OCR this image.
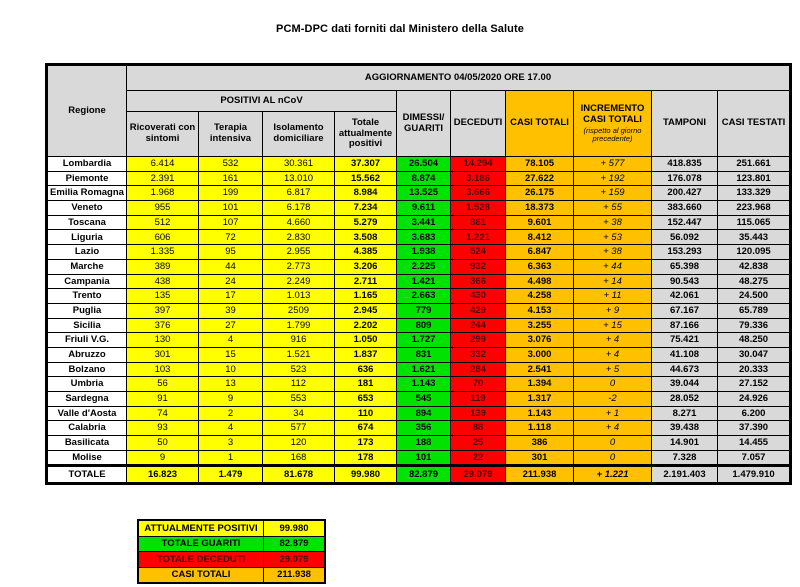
PCM-DPC dati forniti dal Ministero della Salute
Regione	AGGIORNAMENTO 04/05/2020 ORE 17.00									
	POSITIVI AL nCoV				DIMESSI/ GUARITI	DECEDUTI	CASI TOTALI	INCREMENTO CASI TOTALI
(rispetto al giorno precedente)	TAMPONI	CASI TESTATI
	Ricoverati con sintomi	Terapia intensiva	Isolamento domiciliare	Totale attualmente positivi						
Lombardia	6.414	532	30.361	37.307	26.504	14.294	78.105	+ 577	418.835	251.661
Piemonte	2.391	161	13.010	15.562	8.874	3.186	27.622	+ 192	176.078	123.801
Emilia Romagna	1.968	199	6.817	8.984	13.525	3.666	26.175	+ 159	200.427	133.329
Veneto	955	101	6.178	7.234	9.611	1.528	18.373	+ 55	383.660	223.968
Toscana	512	107	4.660	5.279	3.441	881	9.601	+ 38	152.447	115.065
Liguria	606	72	2.830	3.508	3.683	1.221	8.412	+ 53	56.092	35.443
Lazio	1.335	95	2.955	4.385	1.938	524	6.847	+ 38	153.293	120.095
Marche	389	44	2.773	3.206	2.225	932	6.363	+ 44	65.398	42.838
Campania	438	24	2.249	2.711	1.421	366	4.498	+ 14	90.543	48.275
Trento	135	17	1.013	1.165	2.663	430	4.258	+ 11	42.061	24.500
Puglia	397	39	2509	2.945	779	429	4.153	+ 9	67.167	65.789
Sicilia	376	27	1.799	2.202	809	244	3.255	+ 15	87.166	79.336
Friuli V.G.	130	4	916	1.050	1.727	299	3.076	+ 4	75.421	48.250
Abruzzo	301	15	1.521	1.837	831	332	3.000	+ 4	41.108	30.047
Bolzano	103	10	523	636	1.621	284	2.541	+ 5	44.673	20.333
Umbria	56	13	112	181	1.143	70	1.394	0	39.044	27.152
Sardegna	91	9	553	653	545	119	1.317	-2	28.052	24.926
Valle d'Aosta	74	2	34	110	894	139	1.143	+ 1	8.271	6.200
Calabria	93	4	577	674	356	88	1.118	+ 4	39.438	37.390
Basilicata	50	3	120	173	188	25	386	0	14.901	14.455
Molise	9	1	168	178	101	22	301	0	7.328	7.057
TOTALE	16.823	1.479	81.678	99.980	82.879	29.079	211.938	+ 1.221	2.191.403	1.479.910
ATTUALMENTE POSITIVI	99.980
TOTALE GUARITI	82.879
TOTALE DECEDUTI	29.079
CASI TOTALI	211.938
